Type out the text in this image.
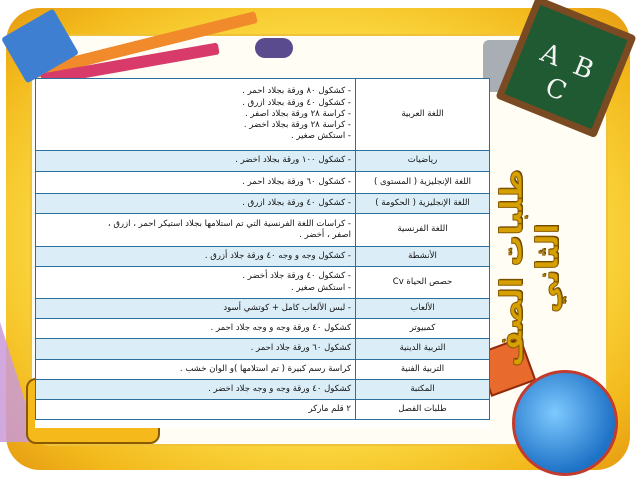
A B C
طلبات الصف الثاني
اللغة العربية	- كشكول ٨٠ ورقة بجلاد احمر .
- كشكول ٤٠ ورقة بجلاد ازرق .
- كراسة ٢٨ ورقة بجلاد اصفر .
- كراسة ٢٨ ورقة بجلاد اخضر .
- استكش صغير .

رياضيات	- كشكول ١٠٠ ورقة بجلاد اخضر .

اللغة الإنجليزية ( المستوى )	- كشكول ٦٠ ورقة بجلاد احمر .

اللغة الإنجليزية ( الحكومة )	- كشكول ٤٠ ورقة بجلاد ازرق .

اللغة الفرنسية	- كراسات اللغة الفرنسية التي تم استلامها بجلاد استيكر احمر ، ازرق ،
اصفر ، أخضر .

الأنشطة	- كشكول وجه و وجه ٤٠ ورقة جلاد أزرق .

حصص الحياة Cv	- كشكول ٤٠ ورقة جلاد أخضر .
- استكش صغير .

الألعاب	- لبس الألعاب كامل + كوتشي أسود

كمبيوتر	كشكول ٤٠ ورقة وجه و وجه جلاد احمر .

التربية الدينية	كشكول ٦٠ ورقة جلاد احمر .

التربية الفنية	كراسة رسم كبيرة ( تم استلامها )و الوان خشب .

المكتبة	كشكول ٤٠ ورقة وجه و وجه جلاد اخضر .

طلبات الفصل	٢ قلم ماركر
